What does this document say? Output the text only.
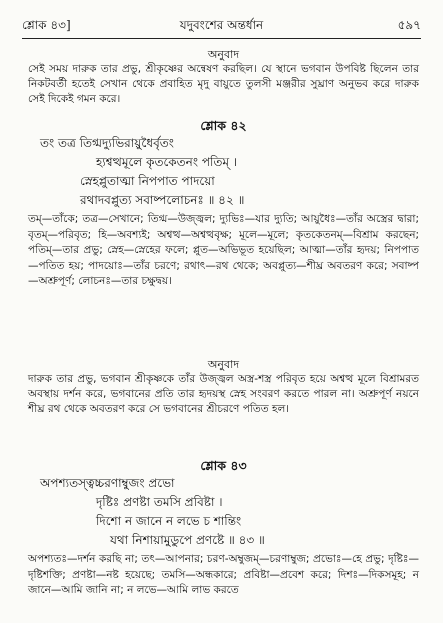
শ্লোক ৪৩]	যদুবংশের অন্তর্ধান	৫৯৭
অনুবাদ
সেই সময় দারুক তার প্রভু, শ্রীকৃষ্ণের অন্বেষণ করছিল। যে স্থানে ভগবান উপবিষ্ট ছিলেন তার নিকটবর্তী হতেই সেখান থেকে প্রবাহিত মৃদু বায়ুতে তুলসী মঞ্জরীর সুঘ্রাণ অনুভব করে দারুক সেই দিকেই গমন করে।
শ্লোক ৪২
তং তত্র তিগ্মদ্যুভিরায়ুধৈর্বৃতং
হ্যশ্বত্থমূলে কৃতকেতনং পতিম্ ।
স্নেহপ্লুতাত্মা নিপপাত পাদয়ো
রথাদবপ্লুত্য সবাষ্পলোচনঃ ॥ ৪২ ॥
তম্—তাঁকে; তত্র—সেখানে; তিগ্ম—উজ্জ্বল; দ্যুভিঃ—যার দ্যুতি; আয়ুধৈঃ—তাঁর অস্ত্রের দ্বারা; বৃতম্—পরিবৃত; হি—অবশ্যই; অশ্বত্থ—অশ্বত্থবৃক্ষ; মূলে—মূলে; কৃতকেতনম্—বিশ্রাম করছেন; পতিম্—তার প্রভু; স্নেহ—স্নেহের ফলে; প্লুত—অভিভূত হয়েছিল; আত্মা—তাঁর হৃদয়; নিপপাত—পতিত হয়; পাদয়োঃ—তাঁর চরণে; রথাৎ—রথ থেকে; অবপ্লুত্য—শীঘ্র অবতরণ করে; সবাষ্প—অশ্রুপূর্ণ; লোচনঃ—তার চক্ষুদ্বয়।
অনুবাদ
দারুক তার প্রভু, ভগবান শ্রীকৃষ্ণকে তাঁর উজ্জ্বল অস্ত্র-শস্ত্র পরিবৃত হয়ে অশ্বত্থ মূলে বিশ্রামরত অবস্থায় দর্শন করে, ভগবানের প্রতি তার হৃদয়স্থ স্নেহ সংবরণ করতে পারল না। অশ্রুপূর্ণ নয়নে শীঘ্র রথ থেকে অবতরণ করে সে ভগবানের শ্রীচরণে পতিত হল।
শ্লোক ৪৩
অপশ্যতস্ত্বচ্চরণাম্বুজং প্রভো
দৃষ্টিঃ প্রণষ্টা তমসি প্রবিষ্টা ।
দিশো ন জানে ন লভে চ শান্তিং
যথা নিশায়ামুডুপে প্রণষ্টে ॥ ৪৩ ॥
অপশ্যতঃ—দর্শন করছি না; তৎ—আপনার; চরণ-অম্বুজম্—চরণাম্বুজ; প্রভোঃ—হে প্রভু; দৃষ্টিঃ—দৃষ্টিশক্তি; প্রণষ্টা—নষ্ট হয়েছে; তমসি—অন্ধকারে; প্রবিষ্টা—প্রবেশ করে; দিশঃ—দিকসমূহ; ন জানে—আমি জানি না; ন লভে—আমি লাভ করতে
